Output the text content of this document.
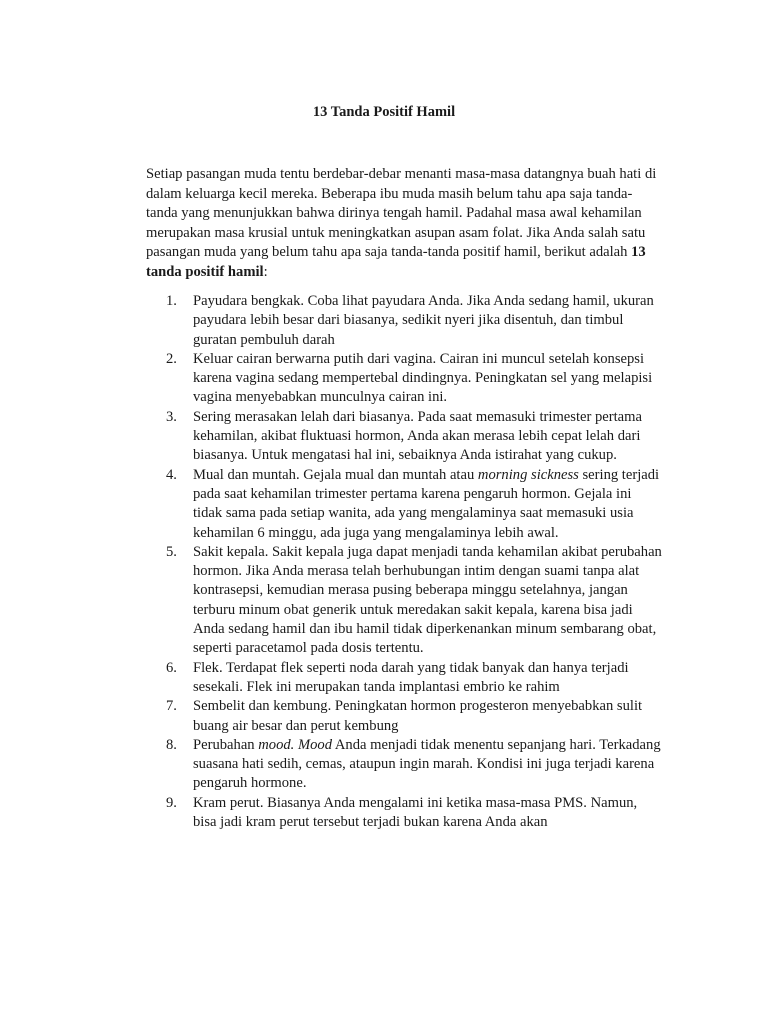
13 Tanda Positif Hamil

Setiap pasangan muda tentu berdebar-debar menanti masa-masa datangnya buah hati di dalam keluarga kecil mereka. Beberapa ibu muda masih belum tahu apa saja tanda-tanda yang menunjukkan bahwa dirinya tengah hamil. Padahal masa awal kehamilan merupakan masa krusial untuk meningkatkan asupan asam folat. Jika Anda salah satu pasangan muda yang belum tahu apa saja tanda-tanda positif hamil, berikut adalah 13 tanda positif hamil:

1.	Payudara bengkak. Coba lihat payudara Anda. Jika Anda sedang hamil, ukuran payudara lebih besar dari biasanya, sedikit nyeri jika disentuh, dan timbul guratan pembuluh darah
2.	Keluar cairan berwarna putih dari vagina. Cairan ini muncul setelah konsepsi karena vagina sedang mempertebal dindingnya. Peningkatan sel yang melapisi vagina menyebabkan munculnya cairan ini.
3.	Sering merasakan lelah dari biasanya. Pada saat memasuki trimester pertama kehamilan, akibat fluktuasi hormon, Anda akan merasa lebih cepat lelah dari biasanya. Untuk mengatasi hal ini, sebaiknya Anda istirahat yang cukup.
4.	Mual dan muntah. Gejala mual dan muntah atau morning sickness sering terjadi pada saat kehamilan trimester pertama karena pengaruh hormon. Gejala ini tidak sama pada setiap wanita, ada yang mengalaminya saat memasuki usia kehamilan 6 minggu, ada juga yang mengalaminya lebih awal.
5.	Sakit kepala. Sakit kepala juga dapat menjadi tanda kehamilan akibat perubahan hormon. Jika Anda merasa telah berhubungan intim dengan suami tanpa alat kontrasepsi, kemudian merasa pusing beberapa minggu setelahnya, jangan terburu minum obat generik untuk meredakan sakit kepala, karena bisa jadi Anda sedang hamil dan ibu hamil tidak diperkenankan minum sembarang obat, seperti paracetamol pada dosis tertentu.
6.	Flek. Terdapat flek seperti noda darah yang tidak banyak dan hanya terjadi sesekali. Flek ini merupakan tanda implantasi embrio ke rahim
7.	Sembelit dan kembung. Peningkatan hormon progesteron menyebabkan sulit buang air besar dan perut kembung
8.	Perubahan mood. Mood Anda menjadi tidak menentu sepanjang hari. Terkadang suasana hati sedih, cemas, ataupun ingin marah. Kondisi ini juga terjadi karena pengaruh hormone.
9.	Kram perut. Biasanya Anda mengalami ini ketika masa-masa PMS. Namun, bisa jadi kram perut tersebut terjadi bukan karena Anda akan
